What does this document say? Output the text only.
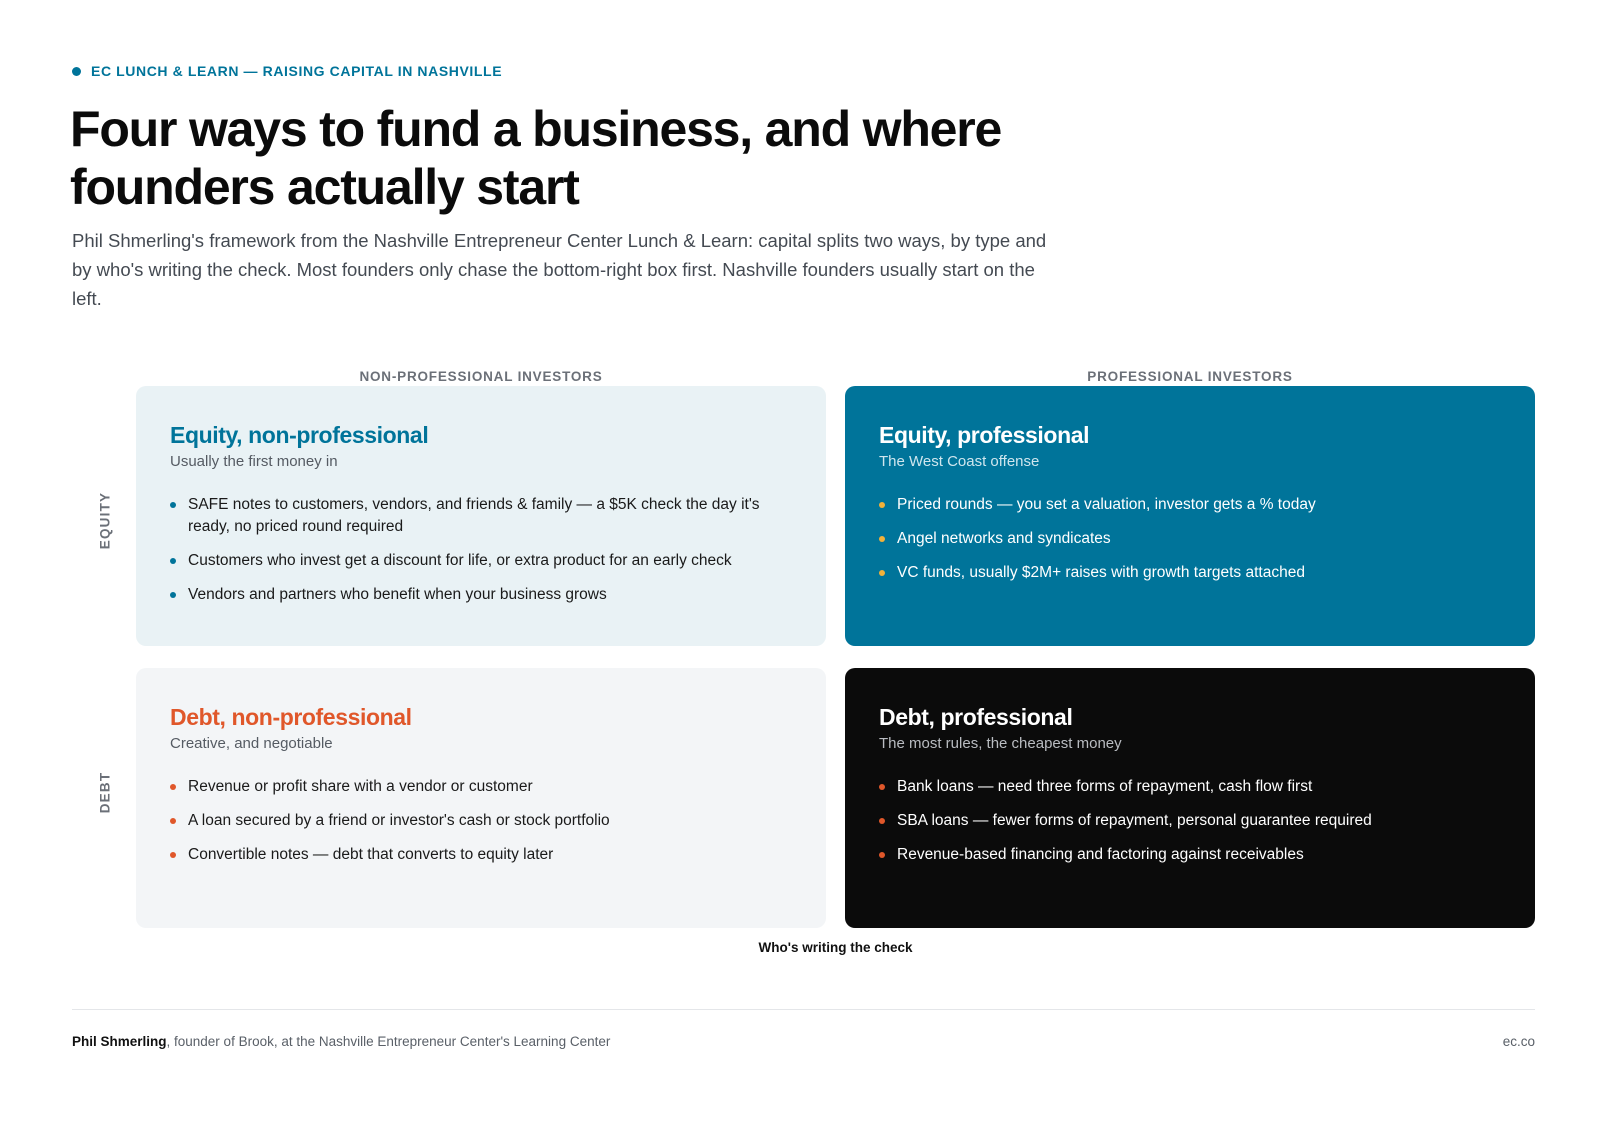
EC LUNCH & LEARN — RAISING CAPITAL IN NASHVILLE
Four ways to fund a business, and where founders actually start

Phil Shmerling's framework from the Nashville Entrepreneur Center Lunch & Learn: capital splits two ways, by type and by who's writing the check. Most founders only chase the bottom-right box first. Nashville founders usually start on the left.

NON-PROFESSIONAL INVESTORS	PROFESSIONAL INVESTORS
EQUITY
DEBT
Equity, non-professional
Usually the first money in
SAFE notes to customers, vendors, and friends & family — a $5K check the day it's ready, no priced round required
Customers who invest get a discount for life, or extra product for an early check
Vendors and partners who benefit when your business grows
Equity, professional
The West Coast offense
Priced rounds — you set a valuation, investor gets a % today
Angel networks and syndicates
VC funds, usually $2M+ raises with growth targets attached
Debt, non-professional
Creative, and negotiable
Revenue or profit share with a vendor or customer
A loan secured by a friend or investor's cash or stock portfolio
Convertible notes — debt that converts to equity later
Debt, professional
The most rules, the cheapest money
Bank loans — need three forms of repayment, cash flow first
SBA loans — fewer forms of repayment, personal guarantee required
Revenue-based financing and factoring against receivables
Who's writing the check
Phil Shmerling, founder of Brook, at the Nashville Entrepreneur Center's Learning Center	ec.co
